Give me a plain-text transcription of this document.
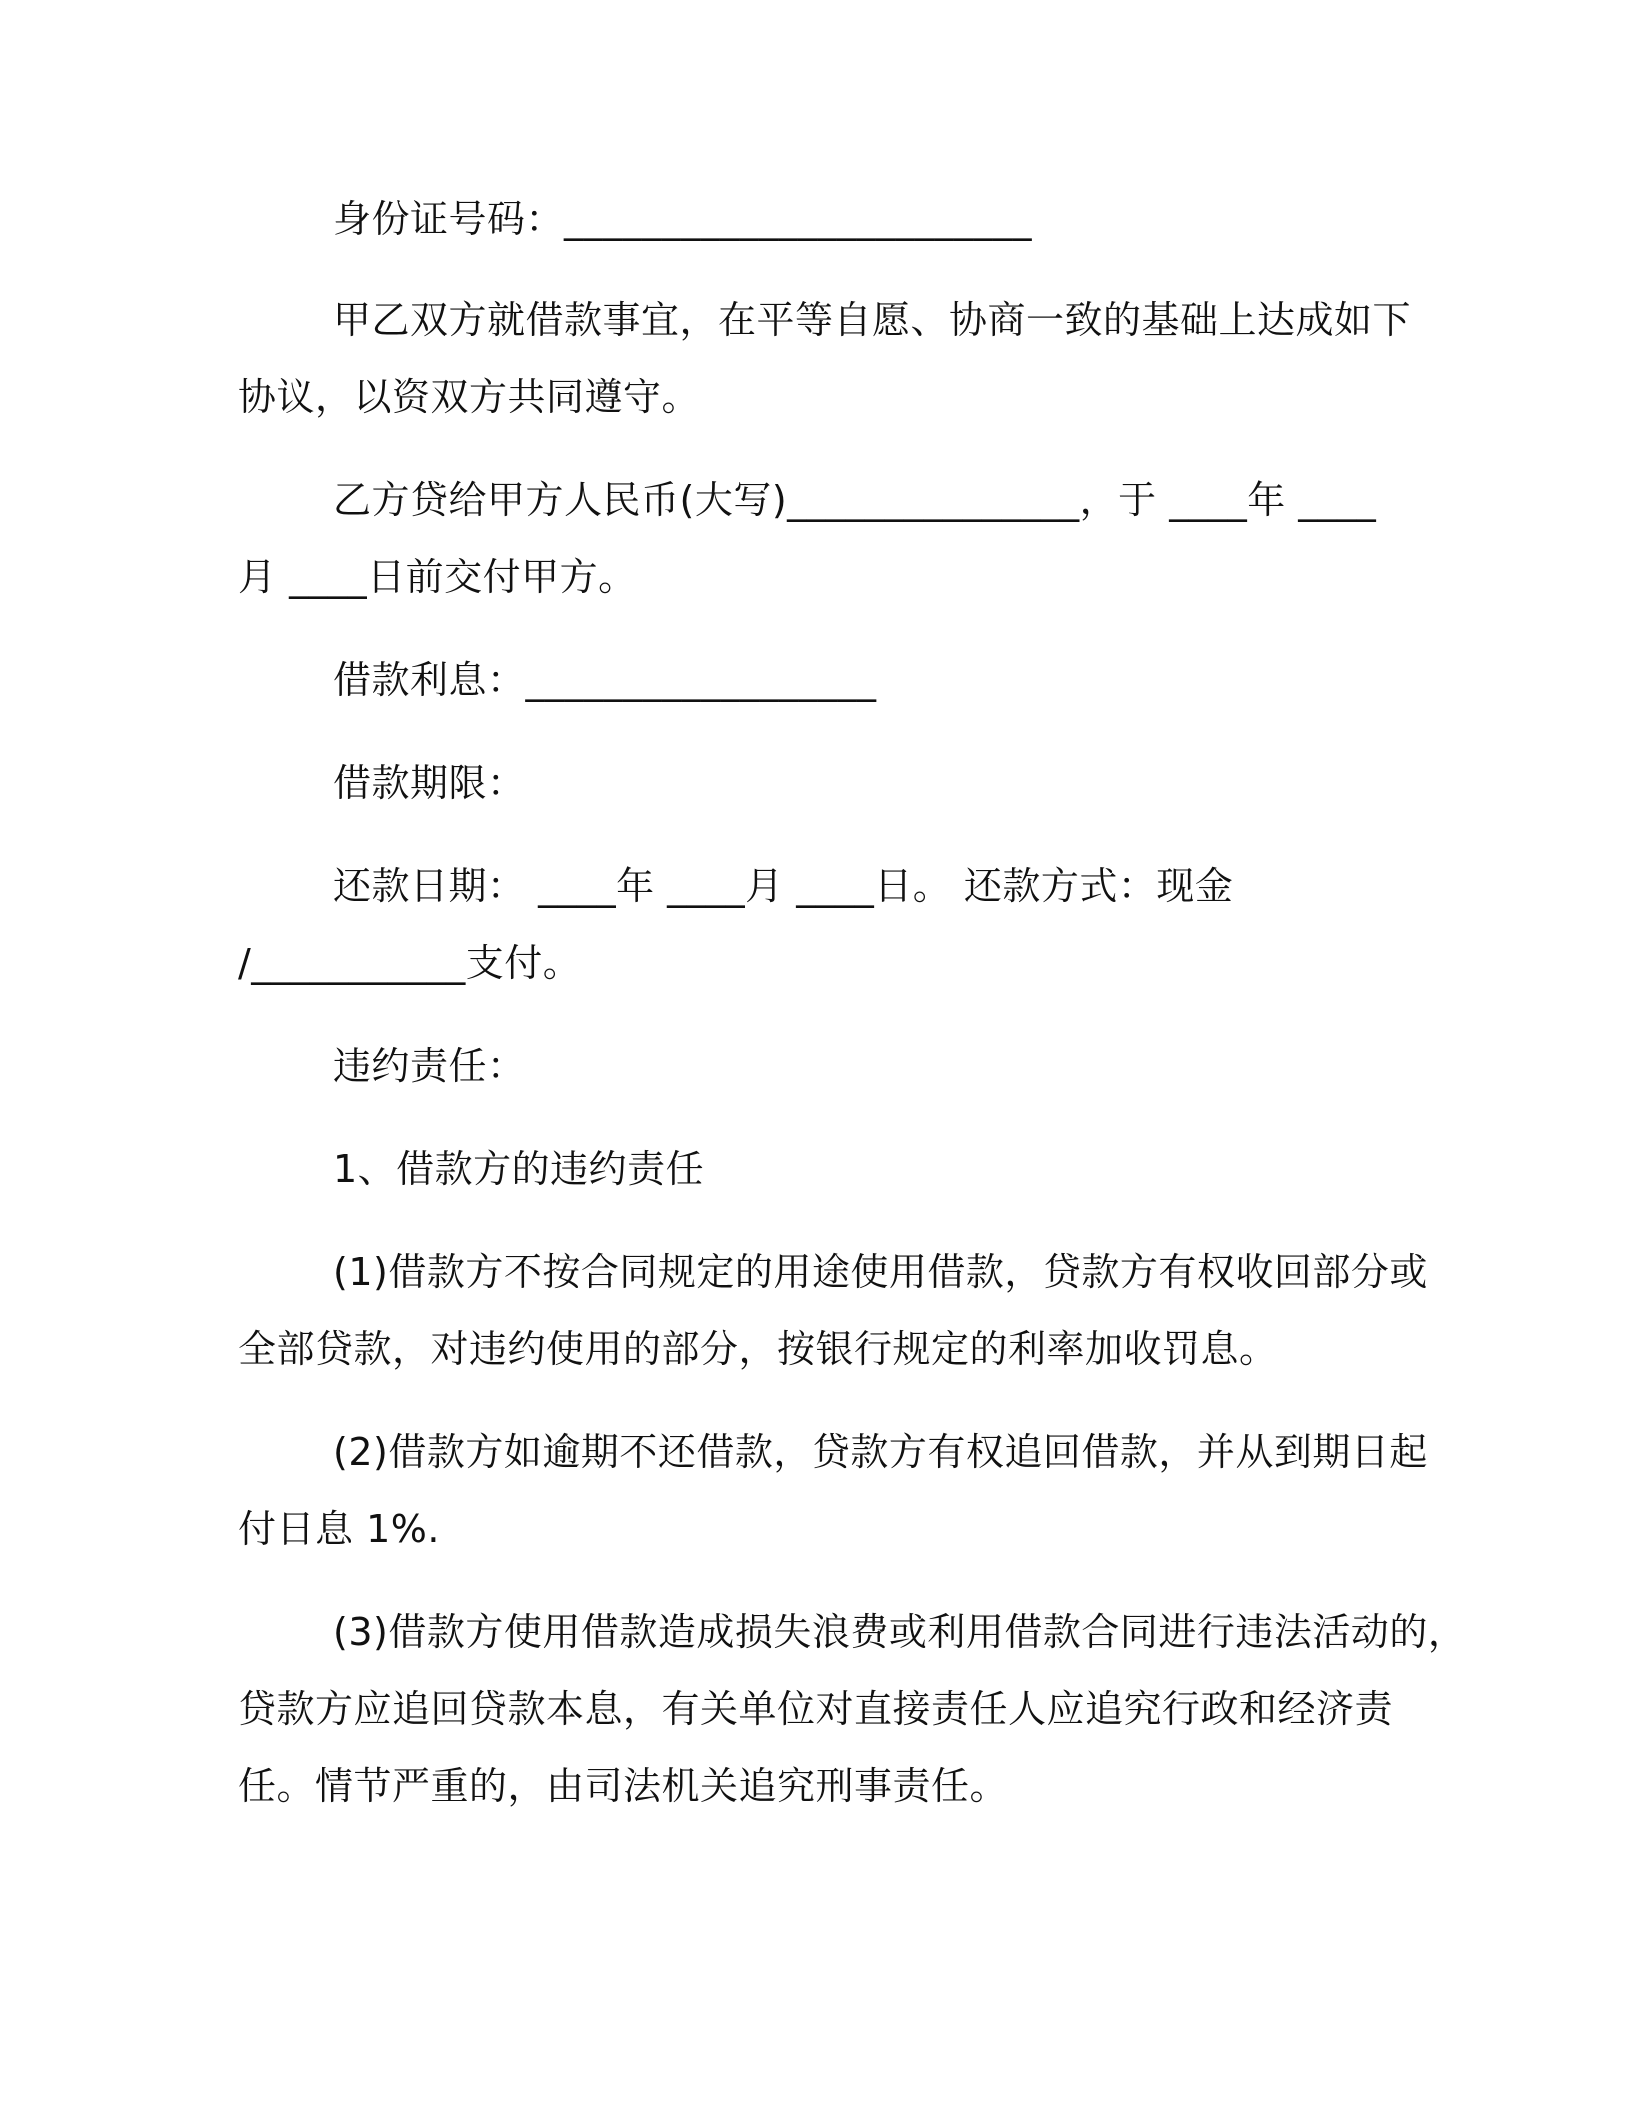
身份证号码：________________________
甲乙双方就借款事宜，在平等自愿、协商一致的基础上达成如下
协议，以资双方共同遵守。
乙方贷给甲方人民币(大写)_______________，于 ____年 ____
月 ____日前交付甲方。
借款利息：__________________
借款期限：
还款日期： ____年 ____月 ____日。 还款方式：现金
/___________支付。
违约责任：
1、借款方的违约责任
(1)借款方不按合同规定的用途使用借款，贷款方有权收回部分或
全部贷款，对违约使用的部分，按银行规定的利率加收罚息。
(2)借款方如逾期不还借款，贷款方有权追回借款，并从到期日起
付日息 1%.
(3)借款方使用借款造成损失浪费或利用借款合同进行违法活动的，
贷款方应追回贷款本息，有关单位对直接责任人应追究行政和经济责
任。情节严重的，由司法机关追究刑事责任。
